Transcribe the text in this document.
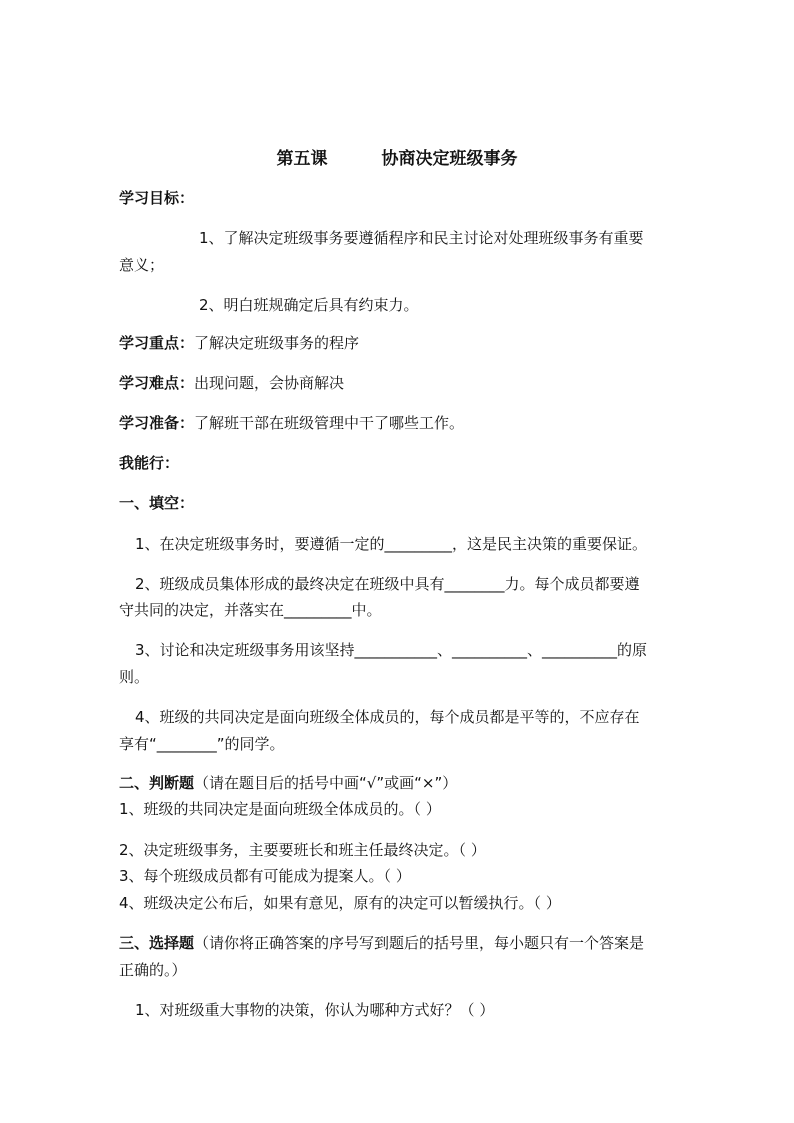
第五课	协商决定班级事务
学习目标：
1、了解决定班级事务要遵循程序和民主讨论对处理班级事务有重要
意义；
2、明白班规确定后具有约束力。
学习重点：了解决定班级事务的程序
学习难点：出现问题，会协商解决
学习准备：了解班干部在班级管理中干了哪些工作。
我能行：
一、填空：
1、在决定班级事务时，要遵循一定的_________，这是民主决策的重要保证。
2、班级成员集体形成的最终决定在班级中具有________力。每个成员都要遵
守共同的决定，并落实在_________中。
3、讨论和决定班级事务用该坚持___________、__________、__________的原
则。
4、班级的共同决定是面向班级全体成员的，每个成员都是平等的，不应存在
享有“________”的同学。
二、判断题（请在题目后的括号中画“√”或画“×”）
1、班级的共同决定是面向班级全体成员的。（ ）
2、决定班级事务，主要要班长和班主任最终决定。（ ）
3、每个班级成员都有可能成为提案人。（ ）
4、班级决定公布后，如果有意见，原有的决定可以暂缓执行。（ ）
三、选择题（请你将正确答案的序号写到题后的括号里，每小题只有一个答案是
正确的。）
1、对班级重大事物的决策，你认为哪种方式好？（ ）
